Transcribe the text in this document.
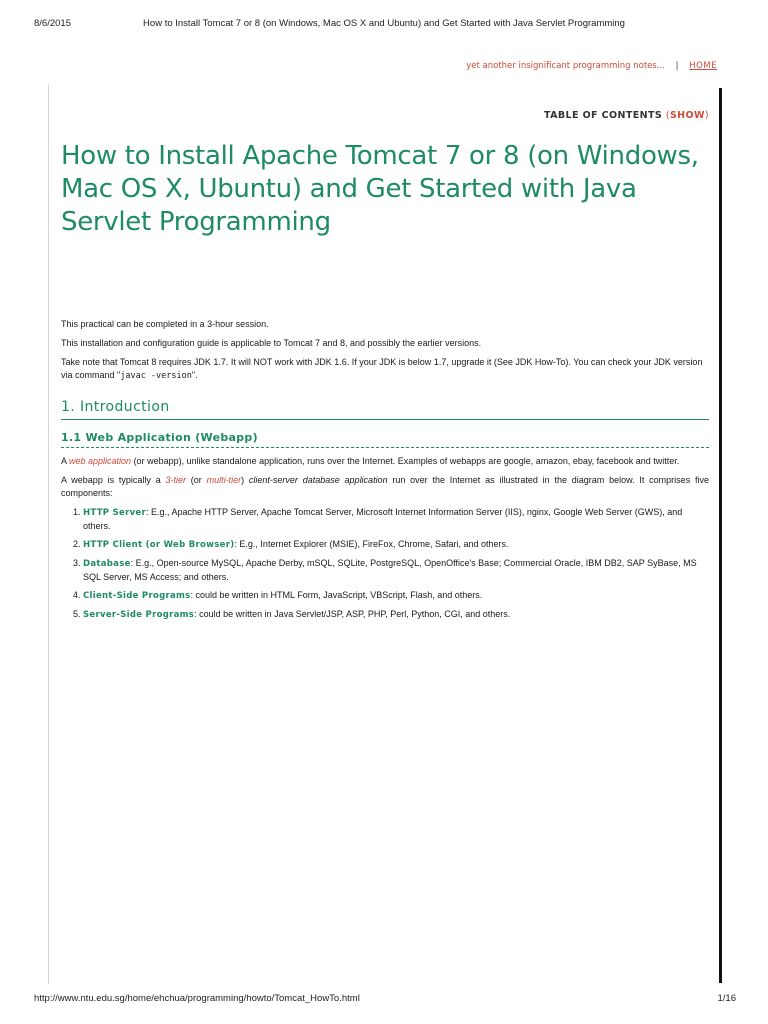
8/6/2015	How to Install Tomcat 7 or 8 (on Windows, Mac OS X and Ubuntu) and Get Started with Java Servlet Programming
yet another insignificant programming notes... | HOME
TABLE OF CONTENTS (SHOW)
How to Install Apache Tomcat 7 or 8 (on Windows, Mac OS X, Ubuntu) and Get Started with Java Servlet Programming

This practical can be completed in a 3-hour session.

This installation and configuration guide is applicable to Tomcat 7 and 8, and possibly the earlier versions.

Take note that Tomcat 8 requires JDK 1.7. It will NOT work with JDK 1.6. If your JDK is below 1.7, upgrade it (See JDK How-To). You can check your JDK version via command "javac -version".

1. Introduction
1.1 Web Application (Webapp)

A web application (or webapp), unlike standalone application, runs over the Internet. Examples of webapps are google, amazon, ebay, facebook and twitter.

A webapp is typically a 3-tier (or multi-tier) client-server database application run over the Internet as illustrated in the diagram below. It comprises five components:

1. HTTP Server: E.g., Apache HTTP Server, Apache Tomcat Server, Microsoft Internet Information Server (IIS), nginx, Google Web Server (GWS), and others.
2. HTTP Client (or Web Browser): E.g., Internet Explorer (MSIE), FireFox, Chrome, Safari, and others.
3. Database: E.g., Open-source MySQL, Apache Derby, mSQL, SQLite, PostgreSQL, OpenOffice's Base; Commercial Oracle, IBM DB2, SAP SyBase, MS SQL Server, MS Access; and others.
4. Client-Side Programs: could be written in HTML Form, JavaScript, VBScript, Flash, and others.
5. Server-Side Programs: could be written in Java Servlet/JSP, ASP, PHP, Perl, Python, CGI, and others.
http://www.ntu.edu.sg/home/ehchua/programming/howto/Tomcat_HowTo.html	1/16
